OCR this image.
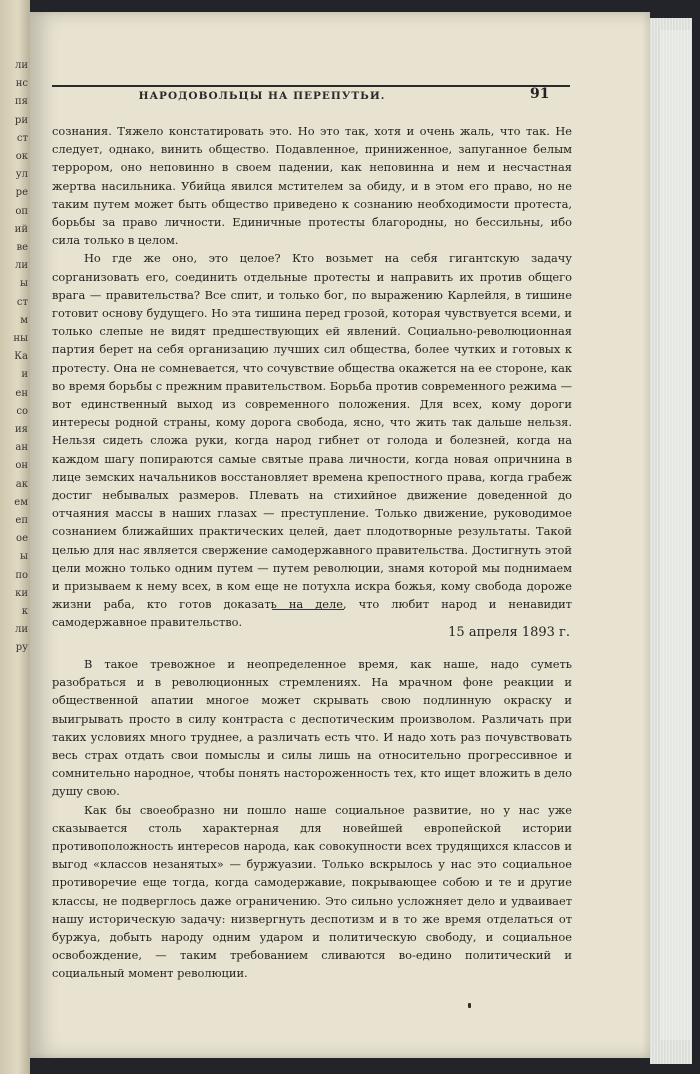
ли
нс
пя
ри
ст
ок
ул
ре
оп
ий
ве
ли
ы
ст
м
ны
Ка
и
ен
со
ия
ан
он
ак
ем
еп
ое
ы
по
ки
к
ли
ру
НАРОДОВОЛЬЦЫ НА ПЕРЕПУТЬИ.	91

сознания. Тяжело констатировать это. Но это так, хотя и очень жаль, что так. Не следует, однако, винить общество. Подавленное, приниженное, запуганное белым террором, оно неповинно в своем падении, как неповинна и нем и несчастная жертва насильника. Убийца явился мстителем за обиду, и в этом его право, но не таким путем может быть общество приведено к сознанию необходимости протеста, борьбы за право личности. Единичные протесты благородны, но бессильны, ибо сила только в целом.

Но где же оно, это целое? Кто возьмет на себя гигантскую задачу сорганизовать его, соединить отдельные протесты и направить их против общего врага — правительства? Все спит, и только бог, по выражению Карлейля, в тишине готовит основу будущего. Но эта тишина перед грозой, которая чувствуется всеми, и только слепые не видят предшествующих ей явлений. Социально-революционная партия берет на себя организацию лучших сил общества, более чутких и готовых к протесту. Она не сомневается, что сочувствие общества окажется на ее стороне, как во время борьбы с прежним правительством. Борьба против современного режима — вот единственный выход из современного положения. Для всех, кому дороги интересы родной страны, кому дорога свобода, ясно, что жить так дальше нельзя. Нельзя сидеть сложа руки, когда народ гибнет от голода и болезней, когда на каждом шагу попираются самые святые права личности, когда новая опричнина в лице земских начальников восстановляет времена крепостного права, когда грабеж достиг небывалых размеров. Плевать на стихийное движение доведенной до отчаяния массы в наших глазах — преступление. Только движение, руководимое сознанием ближайших практических целей, дает плодотворные результаты. Такой целью для нас является свержение самодержавного правительства. Достигнуть этой цели можно только одним путем — путем революции, знамя которой мы поднимаем и призываем к нему всех, в ком еще не потухла искра божья, кому свобода дороже жизни раба, кто готов доказать на деле, что любит народ и ненавидит самодержавное правительство.

15 апреля 1893 г.

В такое тревожное и неопределенное время, как наше, надо суметь разобраться и в революционных стремлениях. На мрачном фоне реакции и общественной апатии многое может скрывать свою подлинную окраску и выигрывать просто в силу контраста с деспотическим произволом. Различать при таких условиях много труднее, а различать есть что. И надо хоть раз почувствовать весь страх отдать свои помыслы и силы лишь на относительно прогрессивное и сомнительно народное, чтобы понять настороженность тех, кто ищет вложить в дело душу свою.

Как бы своеобразно ни пошло наше социальное развитие, но у нас уже сказывается столь характерная для новейшей европейской истории противоположность интересов народа, как совокупности всех трудящихся классов и выгод «классов незанятых» — буржуазии. Только вскрылось у нас это социальное противоречие еще тогда, когда самодержавие, покрывающее собою и те и другие классы, не подверглось даже ограничению. Это сильно усложняет дело и удваивает нашу историческую задачу: низвергнуть деспотизм и в то же время отделаться от буржуа, добыть народу одним ударом и политическую свободу, и социальное освобождение, — таким требованием сливаются во-едино политический и социальный момент революции.
